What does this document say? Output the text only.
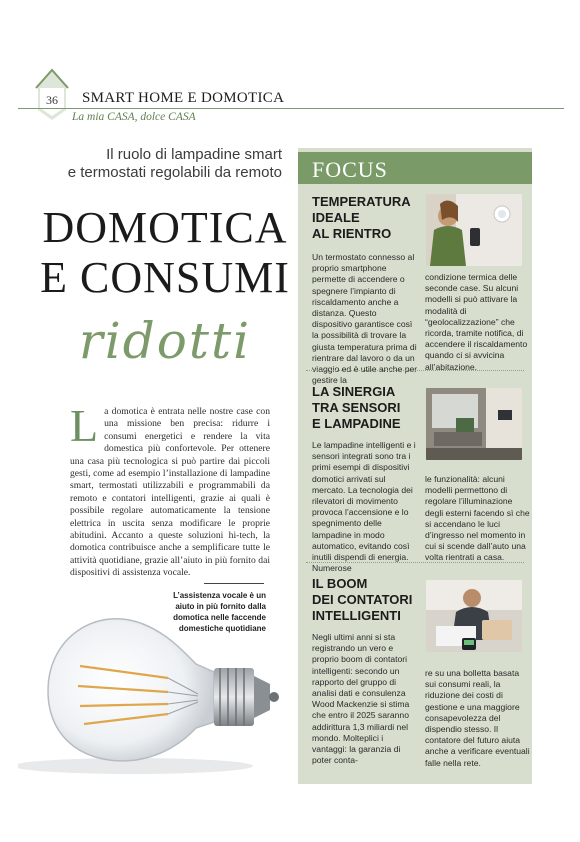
36	SMART HOME E DOMOTICA
La mia CASA, dolce CASA
Il ruolo di lampadine smart
e termostati regolabili da remoto
DOMOTICA
E CONSUMI
ridotti
L a domotica è entrata nelle nostre case con una missione ben precisa: ridurre i consumi energetici e rendere la vita domestica più confortevole. Per ottenere una casa più tecnologica si può partire dai piccoli gesti, come ad esempio l’installazione di lampadine smart, termostati utilizzabili e programmabili da remoto e contatori intelligenti, grazie ai quali è possibile regolare automaticamente la tensione elettrica in uscita senza modificare le proprie abitudini. Accanto a queste soluzioni hi-tech, la domotica contribuisce anche a semplificare tutte le attività quotidiane, grazie all’aiuto in più fornito dai dispositivi di assistenza vocale.
L’assistenza vocale è un aiuto in più fornito dalla domotica nelle faccende domestiche quotidiane
FOCUS
TEMPERATURA
IDEALE
AL RIENTRO
Un termostato connesso al proprio smartphone permette di accendere o spegnere l’impianto di riscaldamento anche a distanza. Questo dispositivo garantisce così la possibilità di trovare la giusta temperatura prima di rientrare dal lavoro o da un viaggio ed è utile anche per gestire la
condizione termica delle seconde case. Su alcuni modelli si può attivare la modalità di “geolocalizzazione” che ricorda, tramite notifica, di accendere il riscaldamento quando ci si avvicina all’abitazione.
LA SINERGIA
TRA SENSORI
E LAMPADINE
Le lampadine intelligenti e i sensori integrati sono tra i primi esempi di dispositivi domotici arrivati sul mercato. La tecnologia dei rilevatori di movimento provoca l’accensione e lo spegnimento delle lampadine in modo automatico, evitando così inutili dispendi di energia. Numerose
le funzionalità: alcuni modelli permettono di regolare l’illuminazione degli esterni facendo sì che si accendano le luci d’ingresso nel momento in cui si scende dall’auto una volta rientrati a casa.
IL BOOM
DEI CONTATORI
INTELLIGENTI
Negli ultimi anni si sta registrando un vero e proprio boom di contatori intelligenti: secondo un rapporto del gruppo di analisi dati e consulenza Wood Mackenzie si stima che entro il 2025 saranno addirittura 1,3 miliardi nel mondo. Molteplici i vantaggi: la garanzia di poter conta-
re su una bolletta basata sui consumi reali, la riduzione dei costi di gestione e una maggiore consapevolezza del dispendio stesso. Il contatore del futuro aiuta anche a verificare eventuali falle nella rete.
